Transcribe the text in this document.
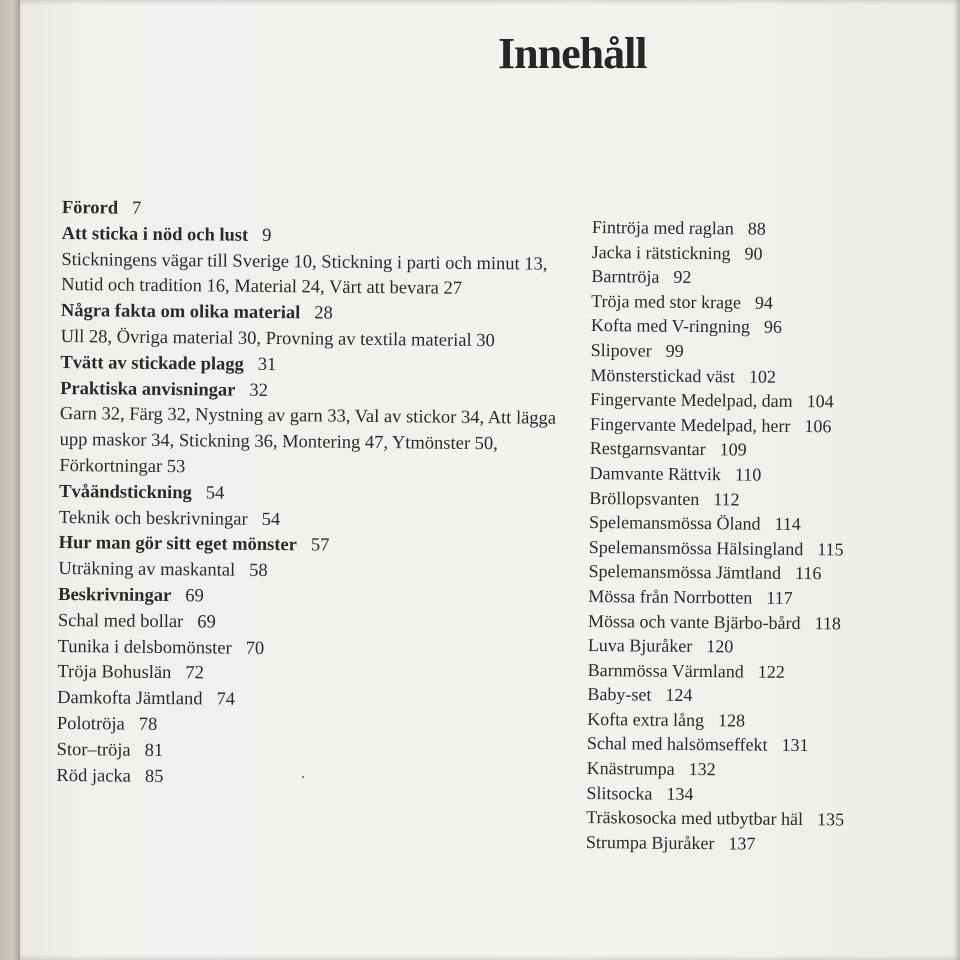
Innehåll
Förord 7
Att sticka i nöd och lust 9
Stickningens vägar till Sverige 10, Stickning i parti och minut 13, Nutid och tradition 16, Material 24, Värt att bevara 27
Några fakta om olika material 28
Ull 28, Övriga material 30, Provning av textila material 30
Tvätt av stickade plagg 31
Praktiska anvisningar 32
Garn 32, Färg 32, Nystning av garn 33, Val av stickor 34, Att lägga upp maskor 34, Stickning 36, Montering 47, Ytmönster 50, Förkortningar 53
Tvåändstickning 54
Teknik och beskrivningar 54
Hur man gör sitt eget mönster 57
Uträkning av maskantal 58
Beskrivningar 69
Schal med bollar 69
Tunika i delsbomönster 70
Tröja Bohuslän 72
Damkofta Jämtland 74
Polotröja 78
Stor–tröja 81
Röd jacka 85
Fintröja med raglan 88
Jacka i rätstickning 90
Barntröja 92
Tröja med stor krage 94
Kofta med V-ringning 96
Slipover 99
Mönsterstickad väst 102
Fingervante Medelpad, dam 104
Fingervante Medelpad, herr 106
Restgarnsvantar 109
Damvante Rättvik 110
Bröllopsvanten 112
Spelemansmössa Öland 114
Spelemansmössa Hälsingland 115
Spelemansmössa Jämtland 116
Mössa från Norrbotten 117
Mössa och vante Bjärbo-bård 118
Luva Bjuråker 120
Barnmössa Värmland 122
Baby-set 124
Kofta extra lång 128
Schal med halsömseffekt 131
Knästrumpa 132
Slitsocka 134
Träskosocka med utbytbar häl 135
Strumpa Bjuråker 137
